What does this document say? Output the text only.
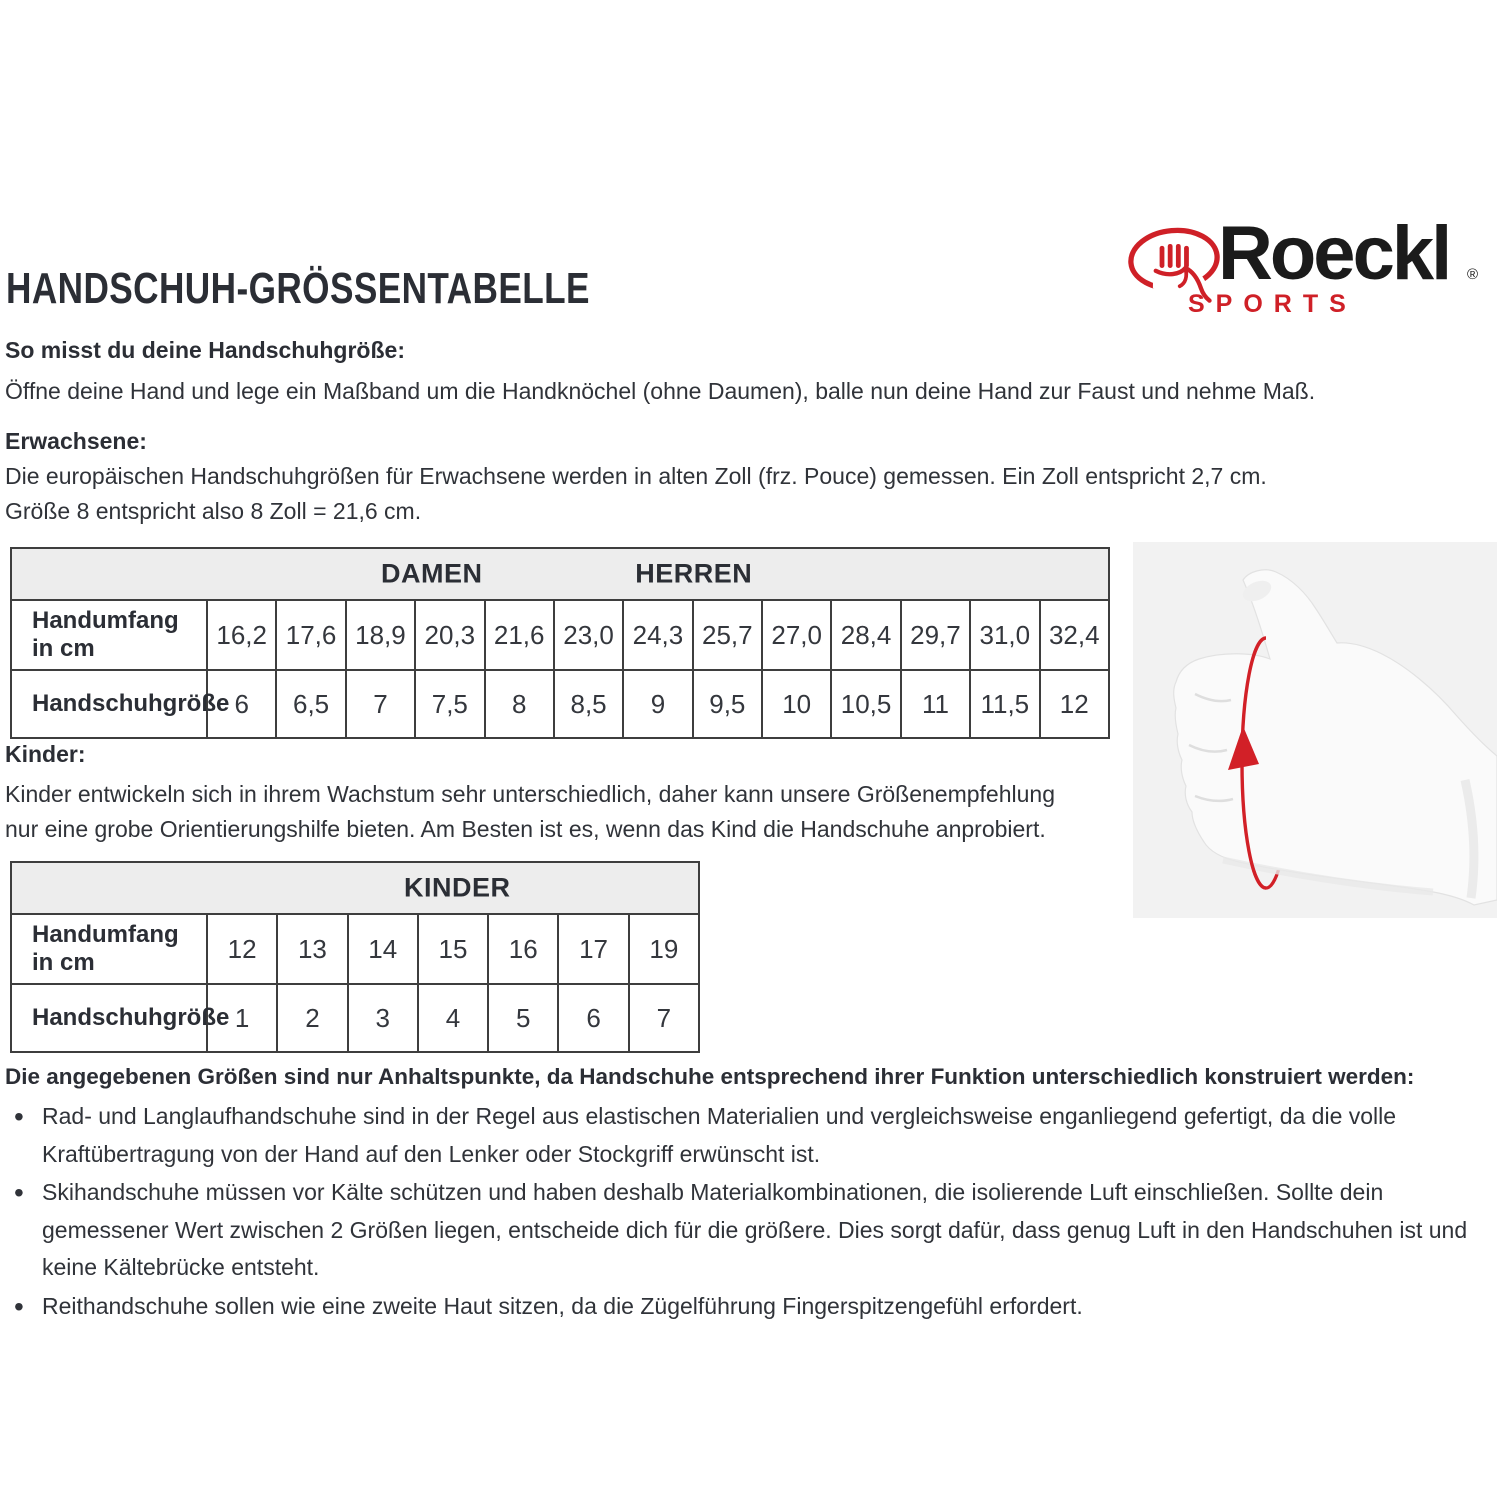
Roeckl ®
SPORTS
HANDSCHUH-GRÖSSENTABELLE
So misst du deine Handschuhgröße:
Öffne deine Hand und lege ein Maßband um die Handknöchel (ohne Daumen), balle nun deine Hand zur Faust und nehme Maß.
Erwachsene:
Die europäischen Handschuhgrößen für Erwachsene werden in alten Zoll (frz. Pouce) gemessen. Ein Zoll entspricht 2,7 cm.
Größe 8 entspricht also 8 Zoll = 21,6 cm.
DAMEN HERREN													

Handumfang
in cm	16,2	17,6	18,9	20,3	21,6	23,0	24,3	25,7	27,0	28,4	29,7	31,0	32,4
Handschuhgröße	6	6,5	7	7,5	8	8,5	9	9,5	10	10,5	11	11,5	12
Kinder:
Kinder entwickeln sich in ihrem Wachstum sehr unterschiedlich, daher kann unsere Größenempfehlung nur eine grobe Orientierungshilfe bieten. Am Besten ist es, wenn das Kind die Handschuhe anprobiert.
KINDER							

Handumfang
in cm	12	13	14	15	16	17	19
Handschuhgröße	1	2	3	4	5	6	7
Die angegebenen Größen sind nur Anhaltspunkte, da Handschuhe entsprechend ihrer Funktion unterschiedlich konstruiert werden:
• Rad- und Langlaufhandschuhe sind in der Regel aus elastischen Materialien und vergleichsweise enganliegend gefertigt, da die volle Kraftübertragung von der Hand auf den Lenker oder Stockgriff erwünscht ist.
• Skihandschuhe müssen vor Kälte schützen und haben deshalb Materialkombinationen, die isolierende Luft einschließen. Sollte dein gemessener Wert zwischen 2 Größen liegen, entscheide dich für die größere. Dies sorgt dafür, dass genug Luft in den Handschuhen ist und keine Kältebrücke entsteht.
• Reithandschuhe sollen wie eine zweite Haut sitzen, da die Zügelführung Fingerspitzengefühl erfordert.
